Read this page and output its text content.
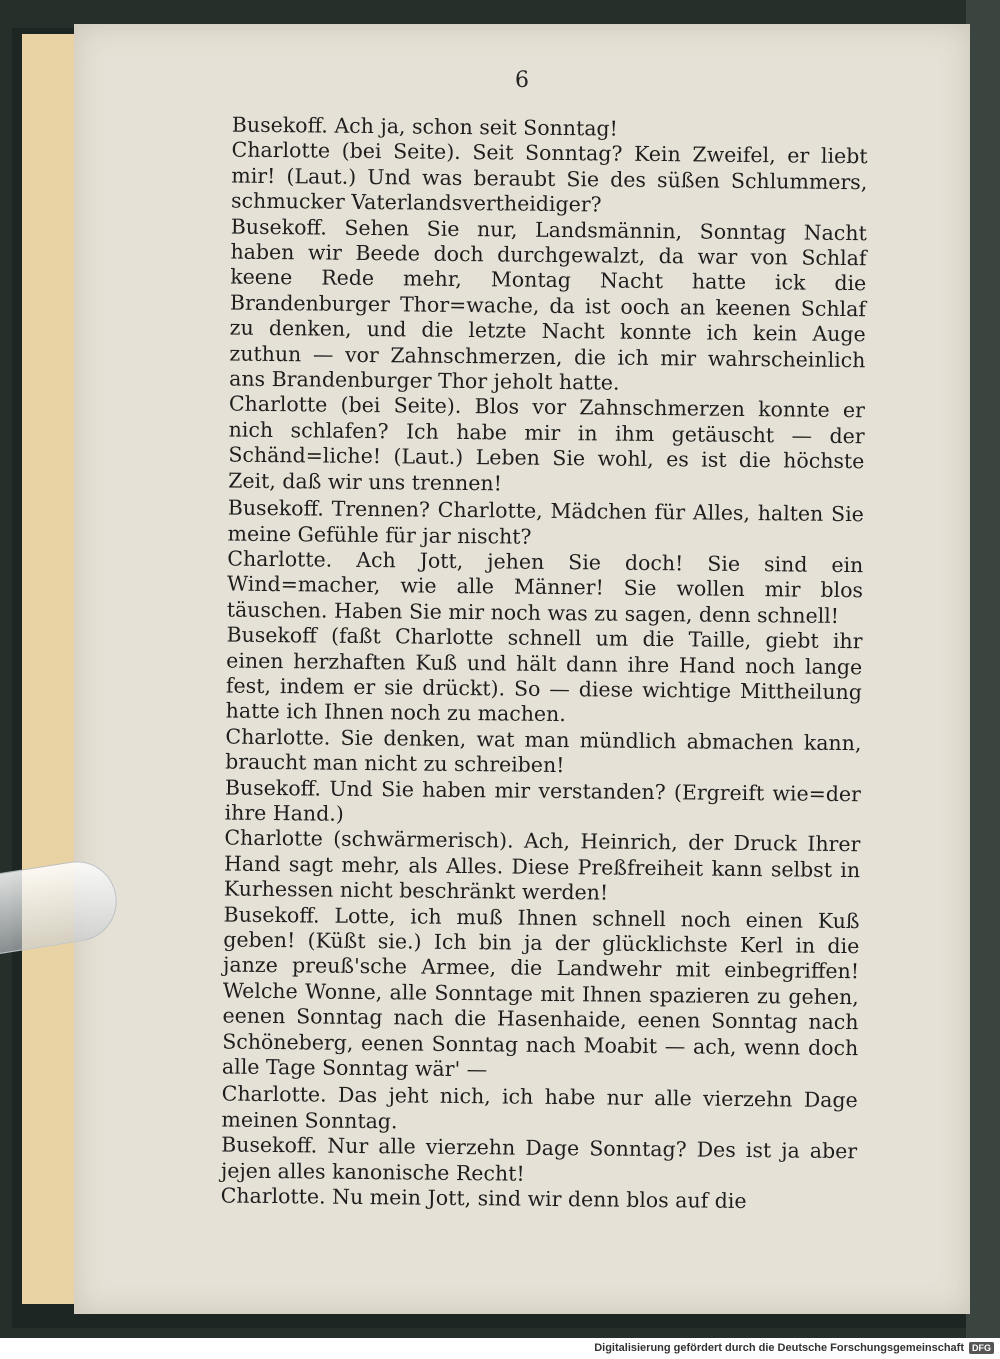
6

Busekoff. Ach ja, schon seit Sonntag!

Charlotte (bei Seite). Seit Sonntag? Kein Zweifel, er liebt mir! (Laut.) Und was beraubt Sie des süßen Schlummers, schmucker Vaterlandsvertheidiger?

Busekoff. Sehen Sie nur, Landsmännin, Sonntag Nacht haben wir Beede doch durchgewalzt, da war von Schlaf keene Rede mehr, Montag Nacht hatte ick die Brandenburger Thor=wache, da ist ooch an keenen Schlaf zu denken, und die letzte Nacht konnte ich kein Auge zuthun — vor Zahnschmerzen, die ich mir wahrscheinlich ans Brandenburger Thor jeholt hatte.

Charlotte (bei Seite). Blos vor Zahnschmerzen konnte er nich schlafen? Ich habe mir in ihm getäuscht — der Schänd=liche! (Laut.) Leben Sie wohl, es ist die höchste Zeit, daß wir uns trennen!

Busekoff. Trennen? Charlotte, Mädchen für Alles, halten Sie meine Gefühle für jar nischt?

Charlotte. Ach Jott, jehen Sie doch! Sie sind ein Wind=macher, wie alle Männer! Sie wollen mir blos täuschen. Haben Sie mir noch was zu sagen, denn schnell!

Busekoff (faßt Charlotte schnell um die Taille, giebt ihr einen herzhaften Kuß und hält dann ihre Hand noch lange fest, indem er sie drückt). So — diese wichtige Mittheilung hatte ich Ihnen noch zu machen.

Charlotte. Sie denken, wat man mündlich abmachen kann, braucht man nicht zu schreiben!

Busekoff. Und Sie haben mir verstanden? (Ergreift wie=der ihre Hand.)

Charlotte (schwärmerisch). Ach, Heinrich, der Druck Ihrer Hand sagt mehr, als Alles. Diese Preßfreiheit kann selbst in Kurhessen nicht beschränkt werden!

Busekoff. Lotte, ich muß Ihnen schnell noch einen Kuß geben! (Küßt sie.) Ich bin ja der glücklichste Kerl in die janze preuß'sche Armee, die Landwehr mit einbegriffen! Welche Wonne, alle Sonntage mit Ihnen spazieren zu gehen, eenen Sonntag nach die Hasenhaide, eenen Sonntag nach Schöneberg, eenen Sonntag nach Moabit — ach, wenn doch alle Tage Sonntag wär' —

Charlotte. Das jeht nich, ich habe nur alle vierzehn Dage meinen Sonntag.

Busekoff. Nur alle vierzehn Dage Sonntag? Des ist ja aber jejen alles kanonische Recht!

Charlotte. Nu mein Jott, sind wir denn blos auf die

Digitalisierung gefördert durch die Deutsche Forschungsgemeinschaft DFG
